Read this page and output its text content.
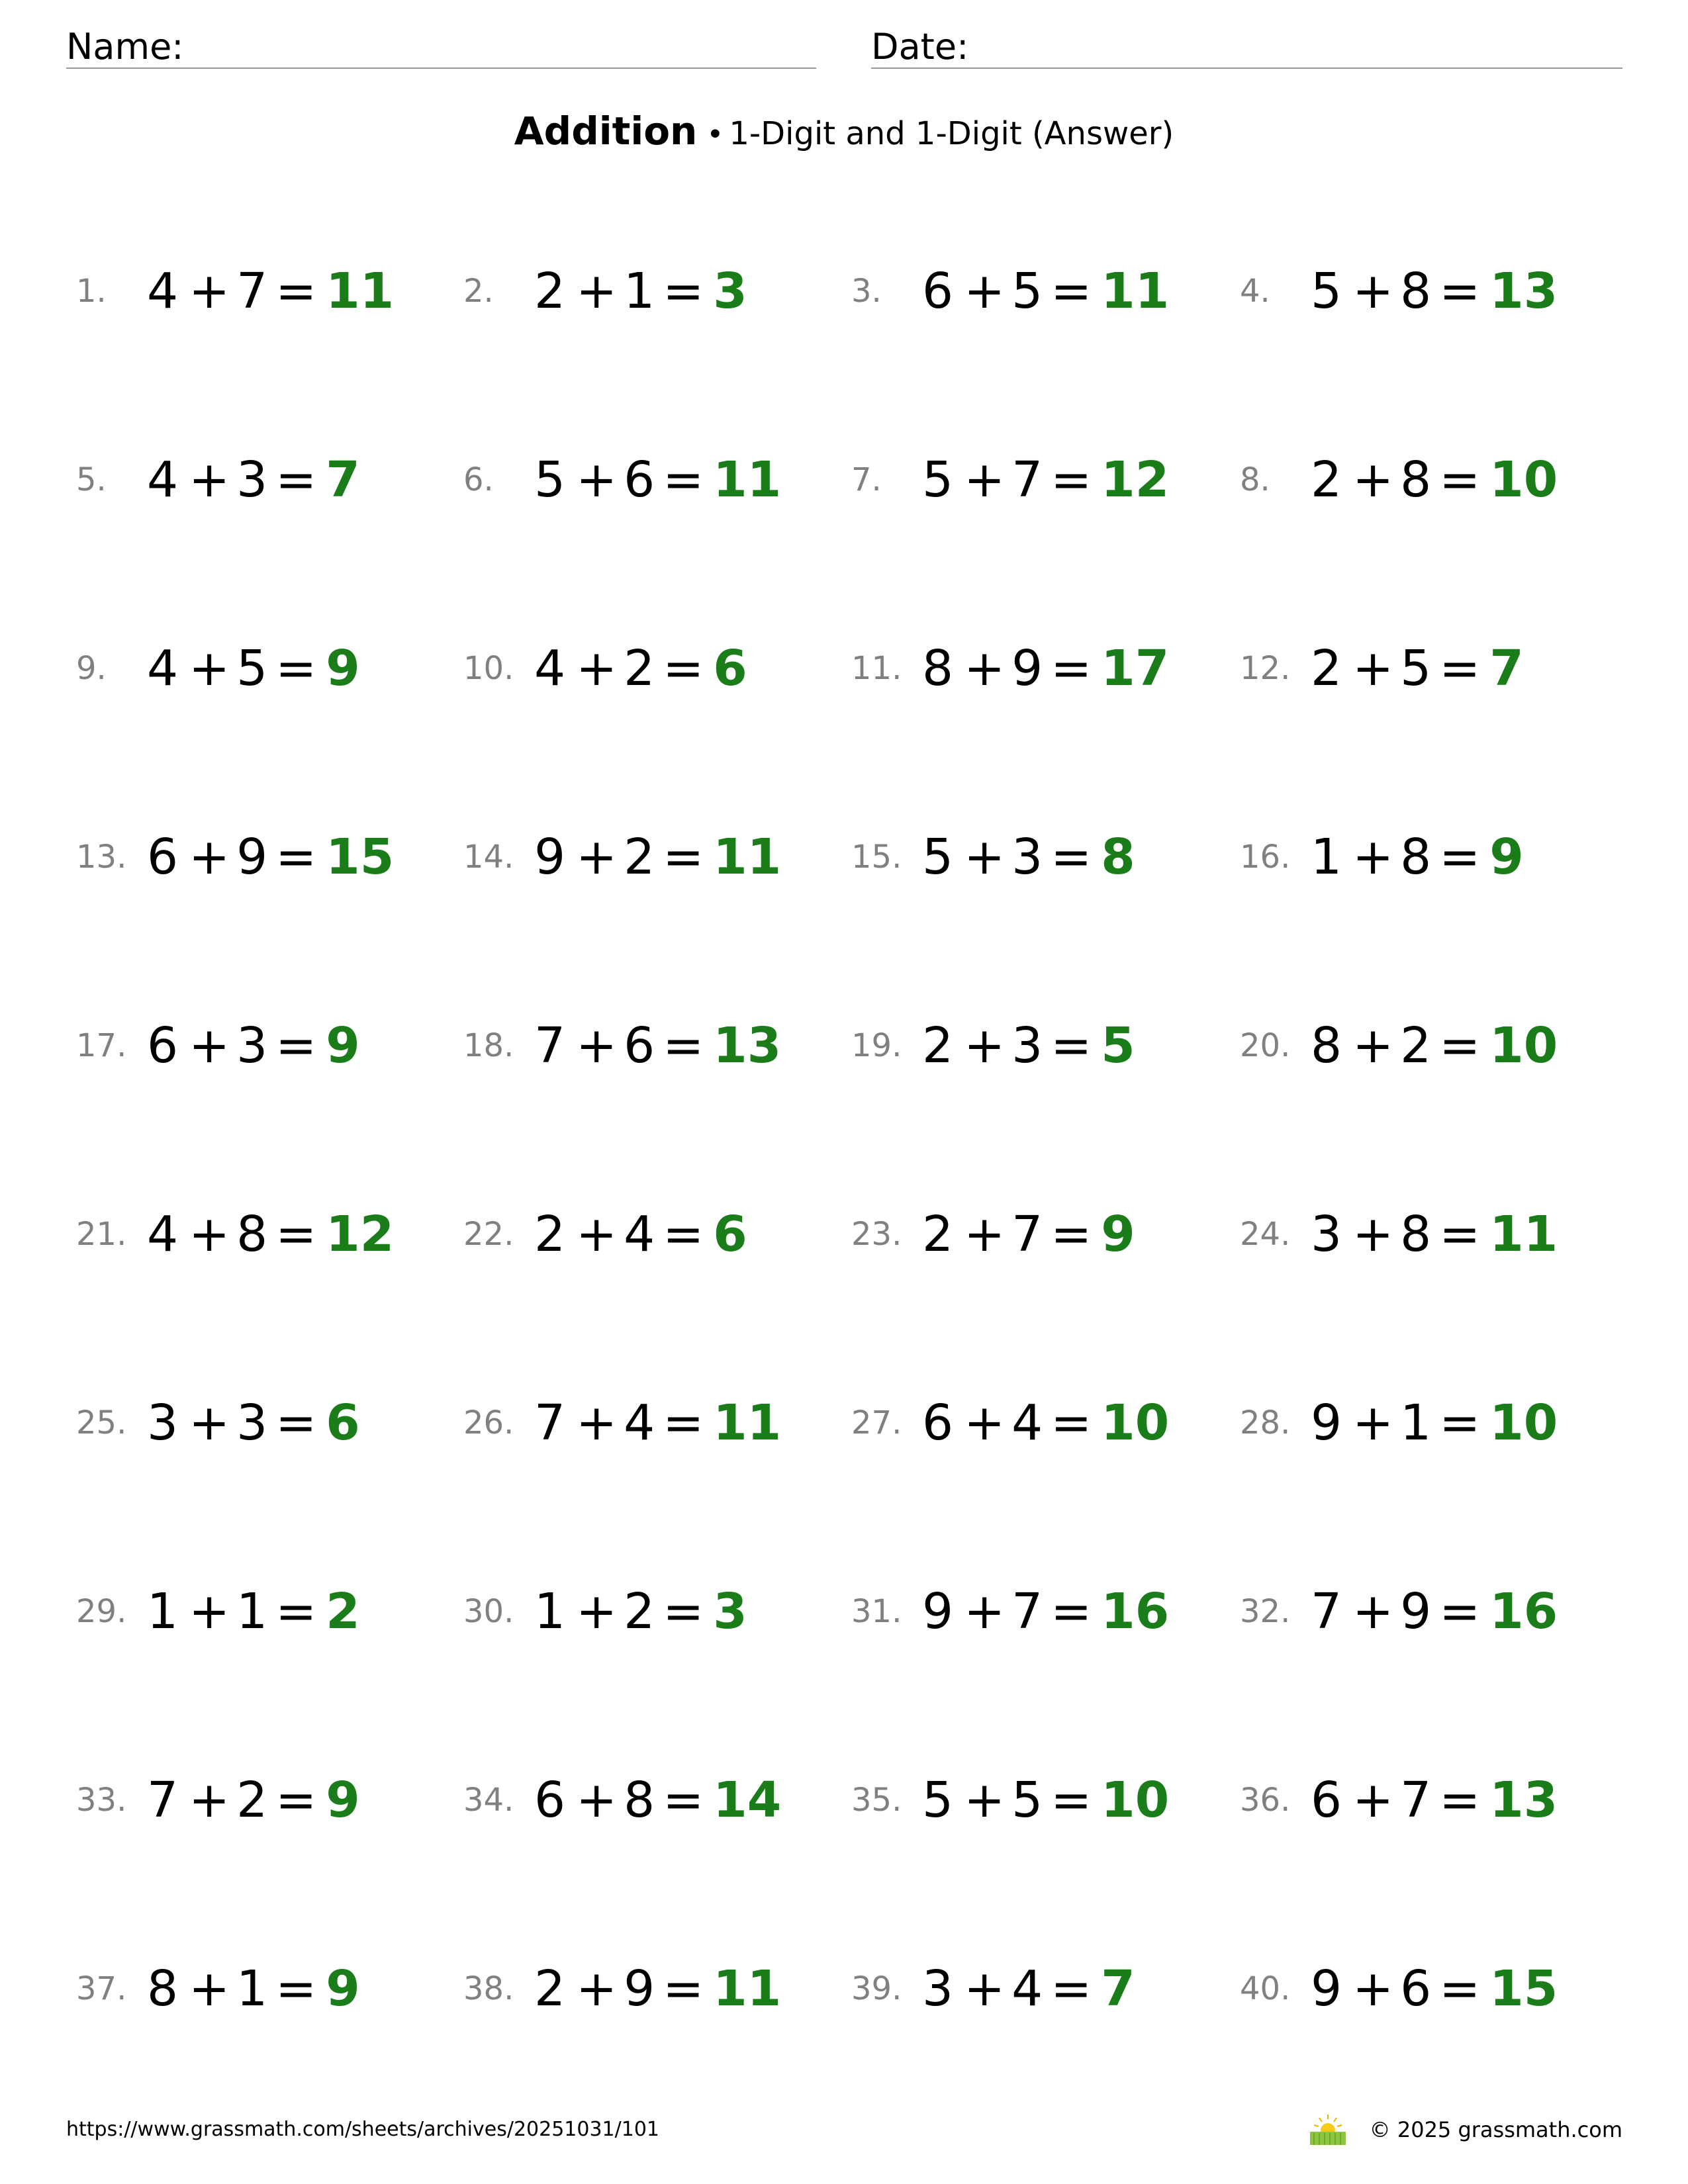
Name:	Date:
Addition • 1-Digit and 1-Digit (Answer)
1. 4 + 7 = 11 2. 2 + 1 = 3	3. 6 + 5 = 11 4. 5 + 8 = 13
5. 4 + 3 = 7	6. 5 + 6 = 11 7. 5 + 7 = 12 8. 2 + 8 = 10
9. 4 + 5 = 9	10. 4 + 2 = 6	11. 8 + 9 = 17 12. 2 + 5 = 7
13. 6 + 9 = 15 14. 9 + 2 = 11 15. 5 + 3 = 8	16. 1 + 8 = 9
17. 6 + 3 = 9	18. 7 + 6 = 13 19. 2 + 3 = 5	20. 8 + 2 = 10
21. 4 + 8 = 12 22. 2 + 4 = 6	23. 2 + 7 = 9	24. 3 + 8 = 11
25. 3 + 3 = 6	26. 7 + 4 = 11 27. 6 + 4 = 10 28. 9 + 1 = 10
29. 1 + 1 = 2	30. 1 + 2 = 3	31. 9 + 7 = 16 32. 7 + 9 = 16
33. 7 + 2 = 9	34. 6 + 8 = 14 35. 5 + 5 = 10 36. 6 + 7 = 13
37. 8 + 1 = 9	38. 2 + 9 = 11 39. 3 + 4 = 7	40. 9 + 6 = 15
https://www.grassmath.com/sheets/archives/20251031/101	© 2025 grassmath.com
